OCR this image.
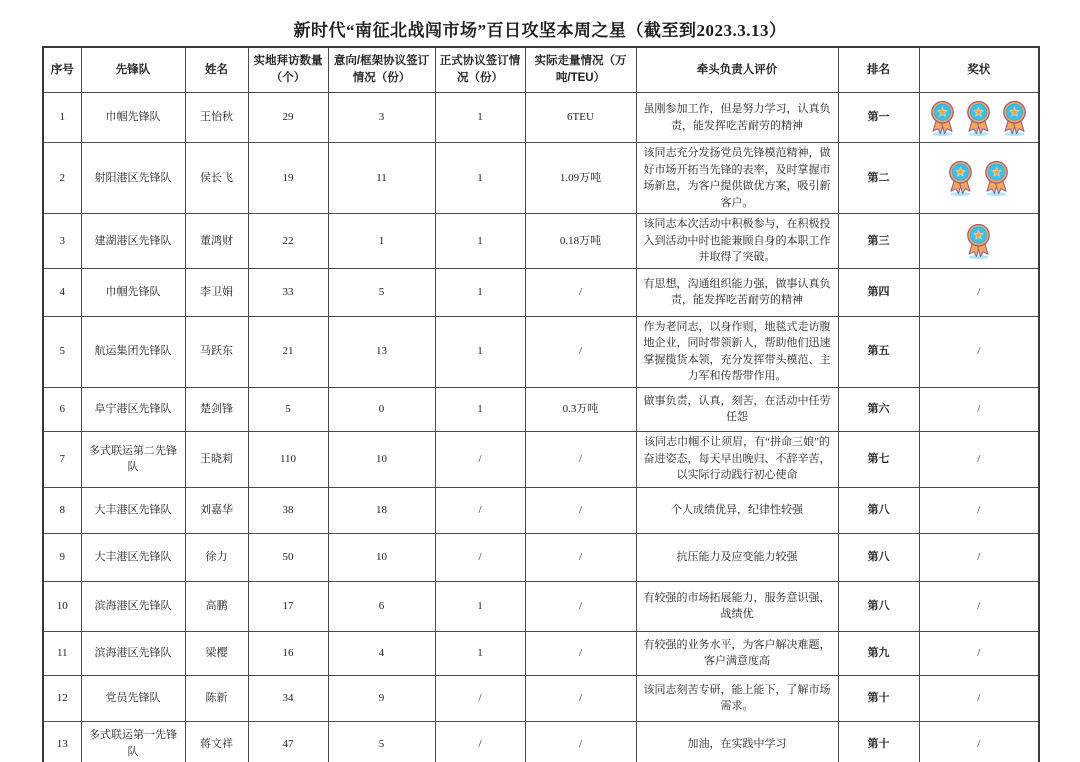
新时代“南征北战闯市场”百日攻坚本周之星（截至到2023.3.13）
序号	先锋队	姓名	实地拜访数量（个）	意向/框架协议签订情况（份）	正式协议签订情况（份）	实际走量情况（万吨/TEU）	牵头负责人评价	排名	奖状
1	巾帼先锋队	王怡秋	29	3	1	6TEU	虽刚参加工作，但是努力学习，认真负责，能发挥吃苦耐劳的精神	第一	

2	射阳港区先锋队	侯长飞	19	11	1	1.09万吨	该同志充分发扬党员先锋模范精神，做好市场开拓当先锋的表率，及时掌握市场新息，为客户提供做优方案，吸引新客户。	第二	

3	建湖港区先锋队	董鸿财	22	1	1	0.18万吨	该同志本次活动中积极参与，在积极投入到活动中时也能兼顾自身的本职工作并取得了突破。	第三	

4	巾帼先锋队	李卫娟	33	5	1	/	有思想，沟通组织能力强，做事认真负责，能发挥吃苦耐劳的精神	第四	/
5	航运集团先锋队	马跃东	21	13	1	/	作为老同志，以身作则，地毯式走访腹地企业，同时带领新人，帮助他们迅速掌握揽货本领，充分发挥带头模范、主力军和传帮带作用。	第五	/
6	阜宁港区先锋队	楚剑锋	5	0	1	0.3万吨	做事负责，认真，刻苦，在活动中任劳任怨	第六	/
7	多式联运第二先锋队	王晓莉	110	10	/	/	该同志巾帼不让须眉，有“拼命三娘”的奋进姿态，每天早出晚归、不辞辛苦，以实际行动践行初心使命	第七	/
8	大丰港区先锋队	刘嘉华	38	18	/	/	个人成绩优异，纪律性较强	第八	/
9	大丰港区先锋队	徐力	50	10	/	/	抗压能力及应变能力较强	第八	/
10	滨海港区先锋队	高鹏	17	6	1	/	有较强的市场拓展能力，服务意识强，战绩优	第八	/
11	滨海港区先锋队	梁樱	16	4	1	/	有较强的业务水平，为客户解决难题，客户满意度高	第九	/
12	党员先锋队	陈新	34	9	/	/	该同志刻苦专研，能上能下，了解市场需求。	第十	/
13	多式联运第一先锋队	蒋文祥	47	5	/	/	加油，在实践中学习	第十	/
